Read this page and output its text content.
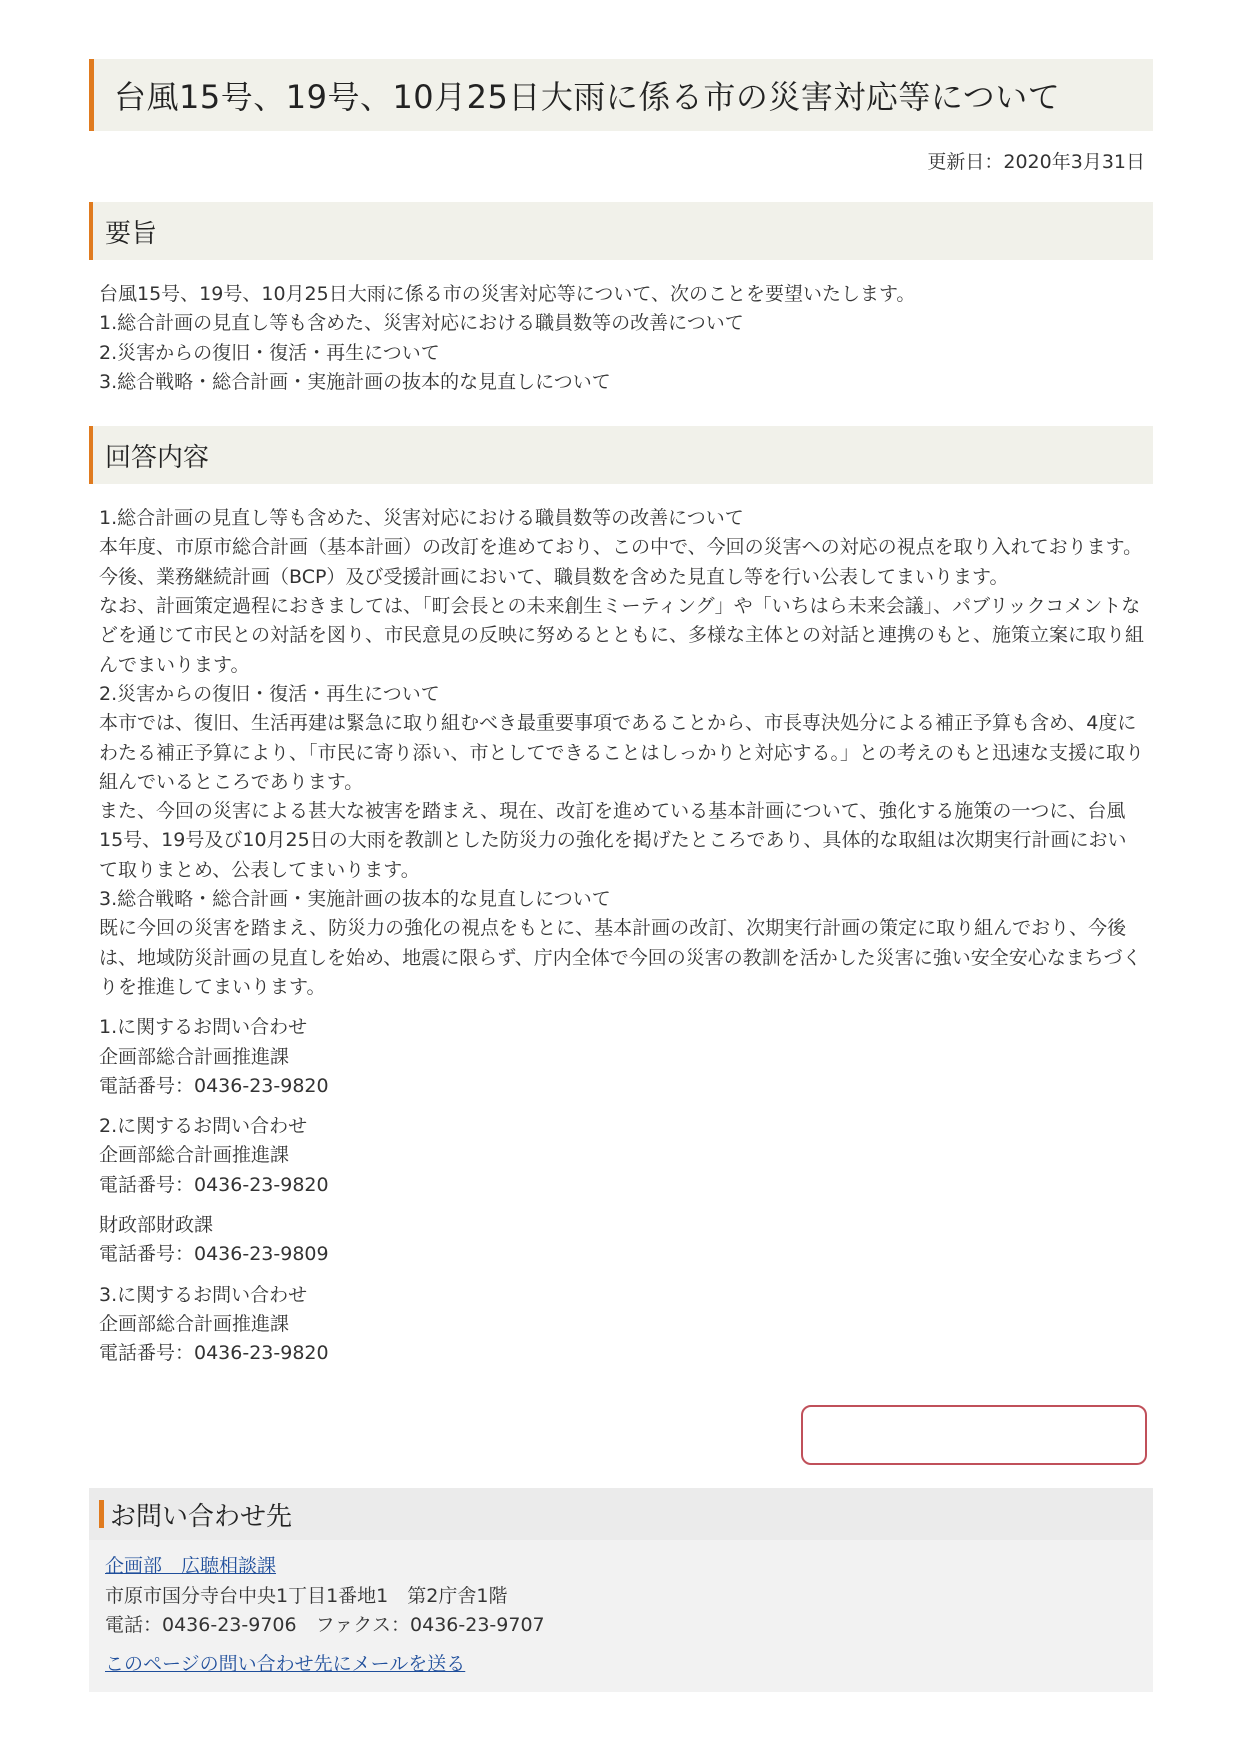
台風15号、19号、10月25日大雨に係る市の災害対応等について
更新日：2020年3月31日
要旨

台風15号、19号、10月25日大雨に係る市の災害対応等について、次のことを要望いたします。

1.総合計画の見直し等も含めた、災害対応における職員数等の改善について

2.災害からの復旧・復活・再生について

3.総合戦略・総合計画・実施計画の抜本的な見直しについて

回答内容

1.総合計画の見直し等も含めた、災害対応における職員数等の改善について

本年度、市原市総合計画（基本計画）の改訂を進めており、この中で、今回の災害への対応の視点を取り入れております。今後、業務継続計画（BCP）及び受援計画において、職員数を含めた見直し等を行い公表してまいります。

なお、計画策定過程におきましては、「町会長との未来創生ミーティング」や「いちはら未来会議」、パブリックコメントなどを通じて市民との対話を図り、市民意見の反映に努めるとともに、多様な主体との対話と連携のもと、施策立案に取り組んでまいります。

2.災害からの復旧・復活・再生について

本市では、復旧、生活再建は緊急に取り組むべき最重要事項であることから、市長専決処分による補正予算も含め、4度にわたる補正予算により、「市民に寄り添い、市としてできることはしっかりと対応する。」との考えのもと迅速な支援に取り組んでいるところであります。

また、今回の災害による甚大な被害を踏まえ、現在、改訂を進めている基本計画について、強化する施策の一つに、台風15号、19号及び10月25日の大雨を教訓とした防災力の強化を掲げたところであり、具体的な取組は次期実行計画において取りまとめ、公表してまいります。

3.総合戦略・総合計画・実施計画の抜本的な見直しについて

既に今回の災害を踏まえ、防災力の強化の視点をもとに、基本計画の改訂、次期実行計画の策定に取り組んでおり、今後は、地域防災計画の見直しを始め、地震に限らず、庁内全体で今回の災害の教訓を活かした災害に強い安全安心なまちづくりを推進してまいります。

1.に関するお問い合わせ

企画部総合計画推進課

電話番号：0436-23-9820

2.に関するお問い合わせ

企画部総合計画推進課

電話番号：0436-23-9820

財政部財政課

電話番号：0436-23-9809

3.に関するお問い合わせ

企画部総合計画推進課

電話番号：0436-23-9820

お問い合わせ先

企画部　広聴相談課

市原市国分寺台中央1丁目1番地1　第2庁舎1階

電話：0436-23-9706　ファクス：0436-23-9707

このページの問い合わせ先にメールを送る
